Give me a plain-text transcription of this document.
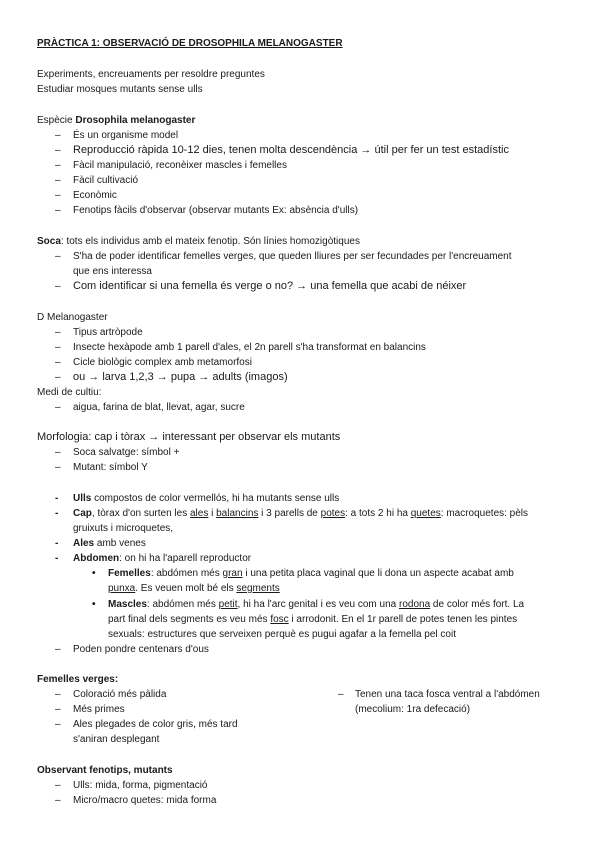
PRÀCTICA 1: OBSERVACIÓ DE DROSOPHILA MELANOGASTER
Experiments, encreuaments per resoldre preguntes
Estudiar mosques mutants sense ulls
Espècie Drosophila melanogaster
– És un organisme model
– Reproducció ràpida 10-12 dies, tenen molta descendència → útil per fer un test estadístic
– Fàcil manipulació, reconèixer mascles i femelles
– Fàcil cultivació
– Econòmic
– Fenotips fàcils d'observar (observar mutants Ex: absència d'ulls)
Soca: tots els individus amb el mateix fenotip. Són línies homozigòtiques
– S'ha de poder identificar femelles verges, que queden lliures per ser fecundades per l'encreuament
que ens interessa
– Com identificar si una femella és verge o no? → una femella que acabi de néixer
D Melanogaster
– Tipus artròpode
– Insecte hexàpode amb 1 parell d'ales, el 2n parell s'ha transformat en balancins
– Cicle biològic complex amb metamorfosi
– ou → larva 1,2,3 → pupa → adults (imagos)
Medi de cultiu:
– aigua, farina de blat, llevat, agar, sucre
Morfologia: cap i tòrax → interessant per observar els mutants
– Soca salvatge: símbol +
– Mutant: símbol Y
- Ulls compostos de color vermellós, hi ha mutants sense ulls
- Cap, tòrax d'on surten les ales i balancins i 3 parells de potes: a tots 2 hi ha quetes: macroquetes: pèls
gruixuts i microquetes,
- Ales amb venes
- Abdomen: on hi ha l'aparell reproductor
• Femelles: abdómen més gran i una petita placa vaginal que li dona un aspecte acabat amb
punxa. Es veuen molt bé els segments
• Mascles: abdómen més petit, hi ha l'arc genital i es veu com una rodona de color més fort. La
part final dels segments es veu més fosc i arrodonit. En el 1r parell de potes tenen les pintes
sexuals: estructures que serveixen perquè es pugui agafar a la femella pel coit
– Poden pondre centenars d'ous
Femelles verges:
– Coloració més pàlida
– Més primes
– Ales plegades de color gris, més tard
s'aniran desplegant
– Tenen una taca fosca ventral a l'abdómen
(mecolium: 1ra defecació)
Observant fenotips, mutants
– Ulls: mida, forma, pigmentació
– Micro/macro quetes: mida forma
